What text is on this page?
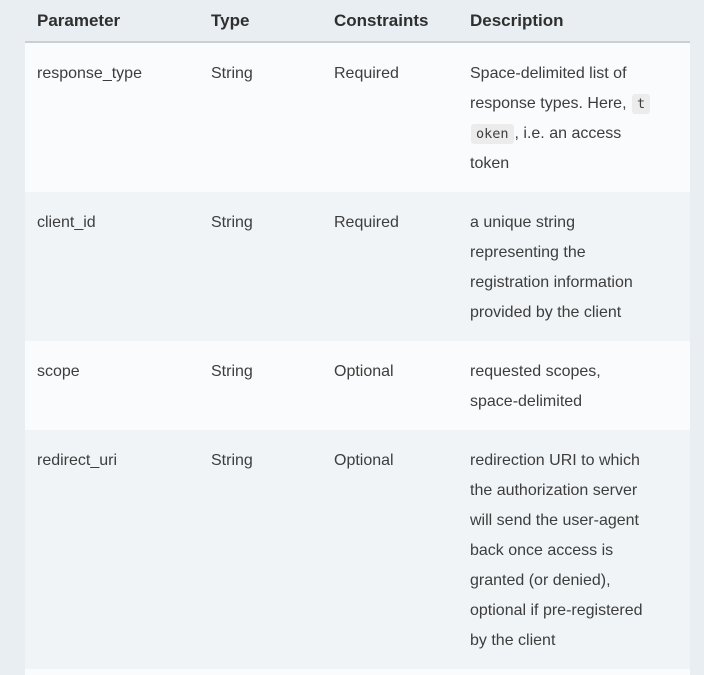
Parameter	Type	Constraints	Description
response_type	String	Required	Space-delimited list of
response types. Here, t
oken , i.e. an access
token
client_id	String	Required	a unique string
representing the
registration information
provided by the client
scope	String	Optional	requested scopes,
space-delimited
redirect_uri	String	Optional	redirection URI to which
the authorization server
will send the user-agent
back once access is
granted (or denied),
optional if pre-registered
by the client
